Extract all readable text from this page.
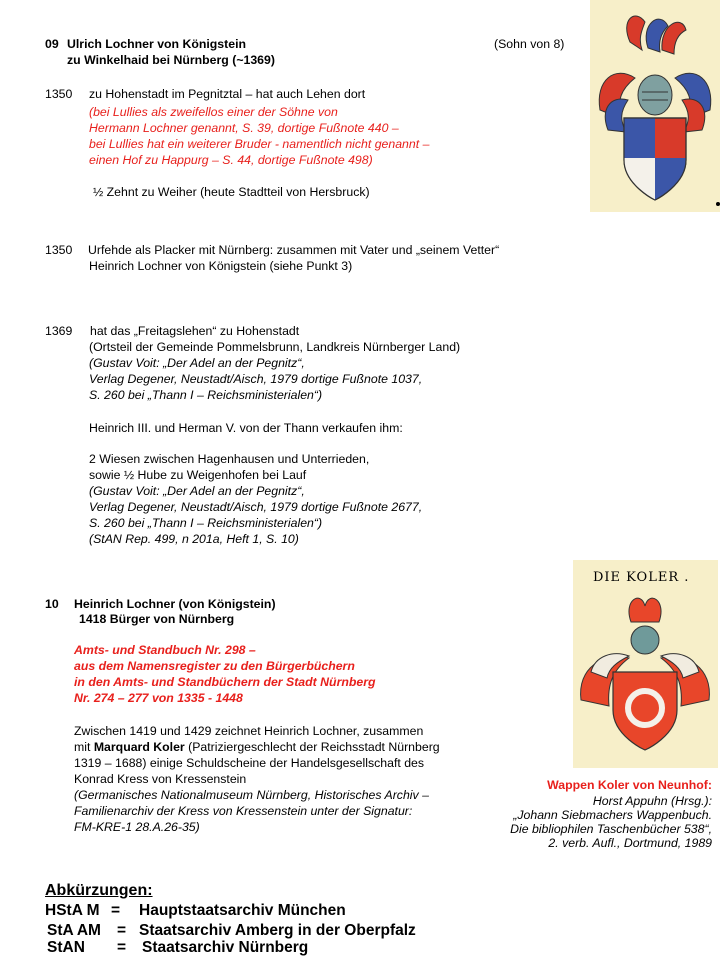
09 Ulrich Lochner von Königstein	(Sohn von 8)
zu Winkelhaid bei Nürnberg (~1369)
1350 zu Hohenstadt im Pegnitztal – hat auch Lehen dort
(bei Lullies als zweifellos einer der Söhne von
Hermann Lochner genannt, S. 39, dortige Fußnote 440 –
bei Lullies hat ein weiterer Bruder - namentlich nicht genannt –
einen Hof zu Happurg – S. 44, dortige Fußnote 498)
½ Zehnt zu Weiher (heute Stadtteil von Hersbruck)
1350 Urfehde als Placker mit Nürnberg: zusammen mit Vater und „seinem Vetter“
Heinrich Lochner von Königstein (siehe Punkt 3)
1369 hat das „Freitagslehen“ zu Hohenstadt
(Ortsteil der Gemeinde Pommelsbrunn, Landkreis Nürnberger Land)
(Gustav Voit: „Der Adel an der Pegnitz“,
Verlag Degener, Neustadt/Aisch, 1979 dortige Fußnote 1037,
S. 260 bei „Thann I – Reichsministerialen“)
Heinrich III. und Herman V. von der Thann verkaufen ihm:
2 Wiesen zwischen Hagenhausen und Unterrieden,
sowie ½ Hube zu Weigenhofen bei Lauf
(Gustav Voit: „Der Adel an der Pegnitz“,
Verlag Degener, Neustadt/Aisch, 1979 dortige Fußnote 2677,
S. 260 bei „Thann I – Reichsministerialen“)
(StAN Rep. 499, n 201a, Heft 1, S. 10)
10 Heinrich Lochner (von Königstein)
1418 Bürger von Nürnberg
Amts- und Standbuch Nr. 298 –
aus dem Namensregister zu den Bürgerbüchern
in den Amts- und Standbüchern der Stadt Nürnberg
Nr. 274 – 277 von 1335 - 1448
Zwischen 1419 und 1429 zeichnet Heinrich Lochner, zusammen
mit Marquard Koler (Patriziergeschlecht der Reichsstadt Nürnberg
1319 – 1688) einige Schuldscheine der Handelsgesellschaft des
Konrad Kress von Kressenstein
(Germanisches Nationalmuseum Nürnberg, Historisches Archiv –
Familienarchiv der Kress von Kressenstein unter der Signatur:
FM-KRE-1 28.A.26-35)
DIE KOLER .
Wappen Koler von Neunhof:
Horst Appuhn (Hrsg.):
„Johann Siebmachers Wappenbuch.
Die bibliophilen Taschenbücher 538“,
2. verb. Aufl., Dortmund, 1989
Abkürzungen:
HStA M = Hauptstaatsarchiv München
StA AM = Staatsarchiv Amberg in der Oberpfalz
StAN = Staatsarchiv Nürnberg
